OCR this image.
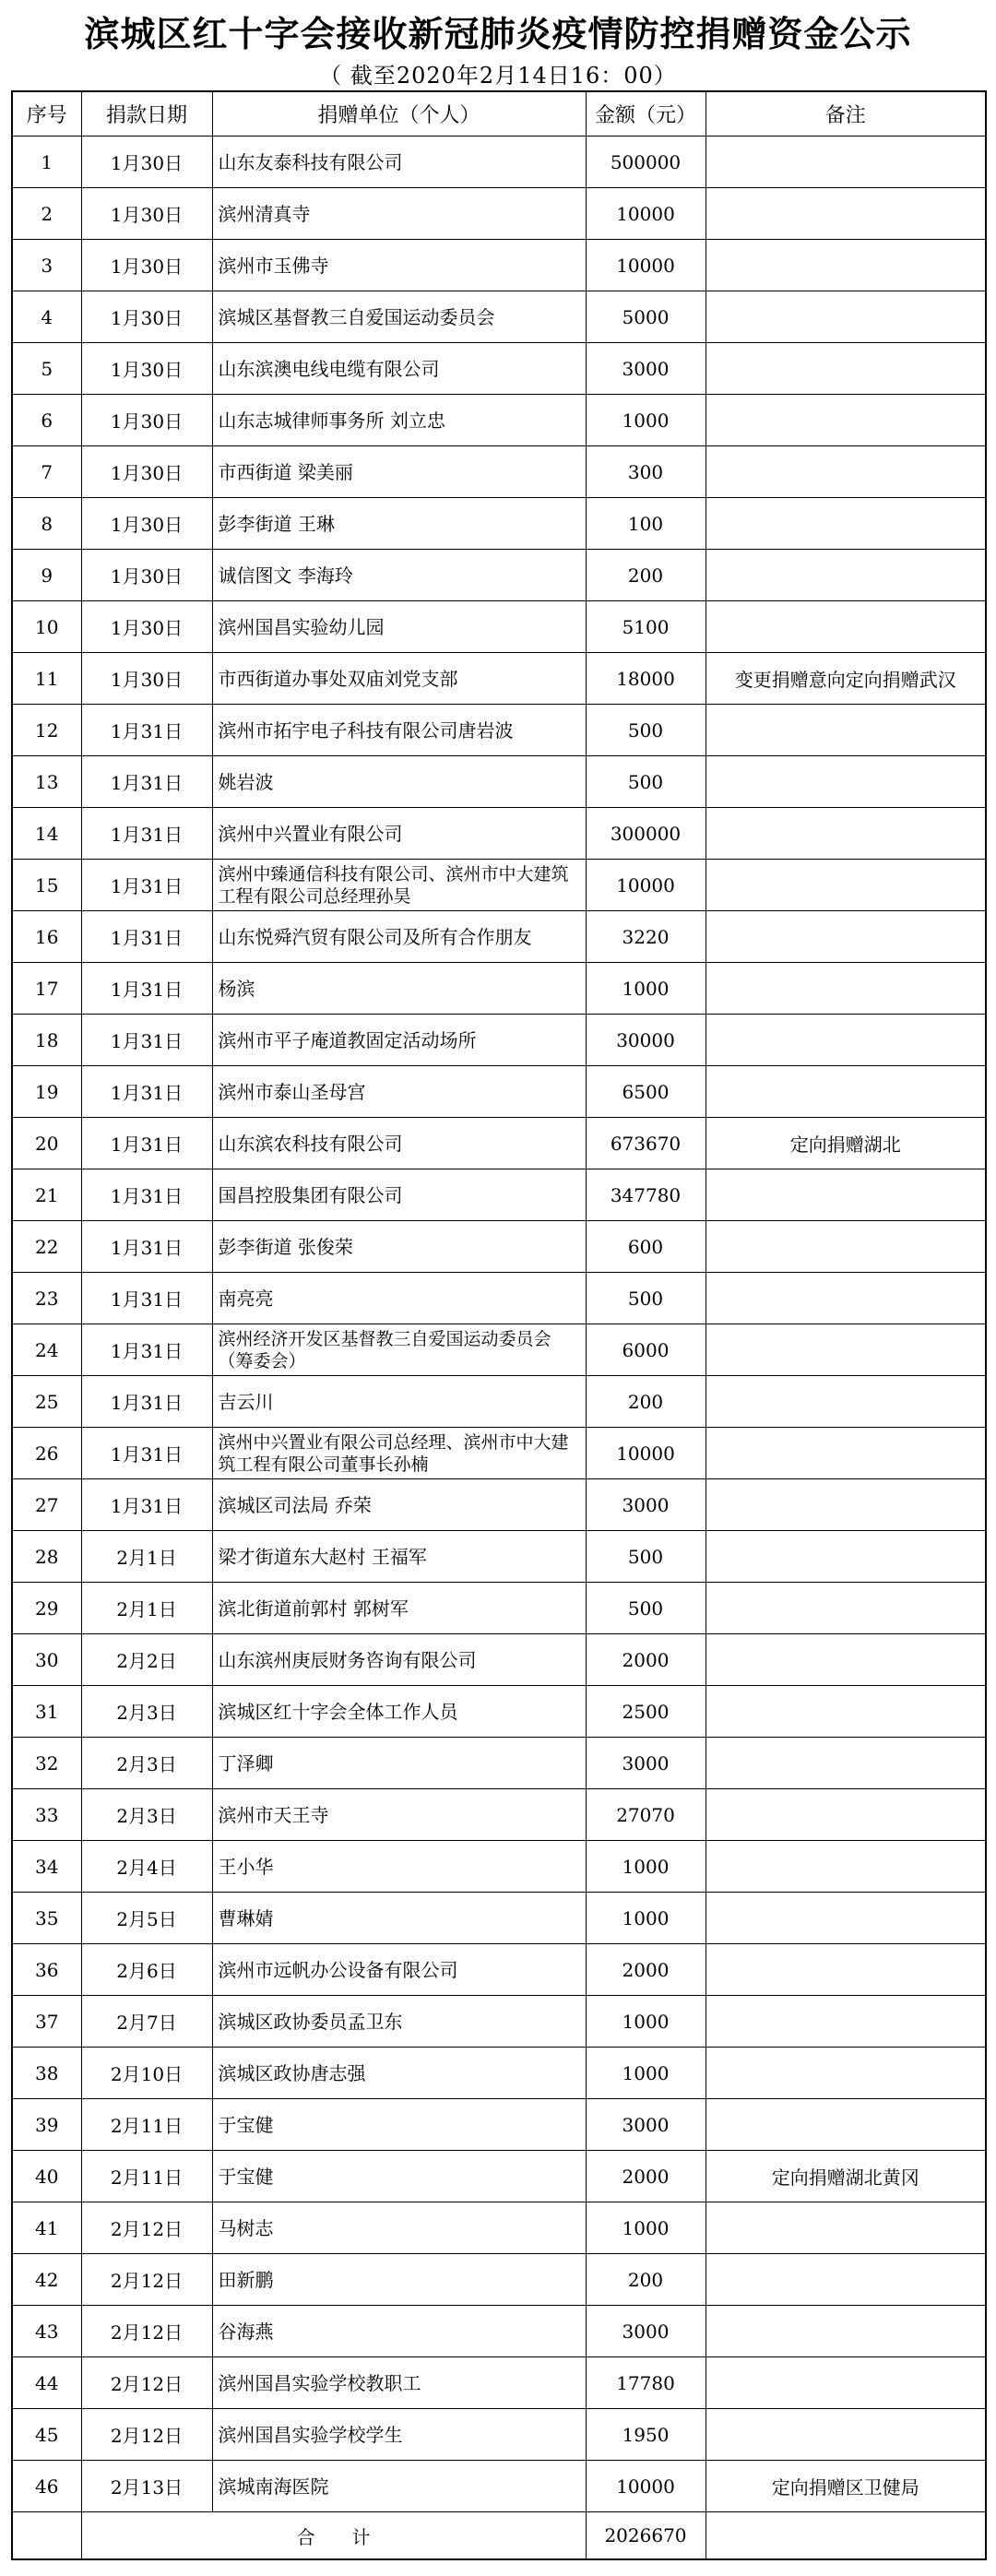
滨城区红十字会接收新冠肺炎疫情防控捐赠资金公示
（ 截至2020年2月14日16：00）
序号	捐款日期	捐赠单位（个人）	金额（元）	备注
1	1月30日	山东友泰科技有限公司	500000	
2	1月30日	滨州清真寺	10000	
3	1月30日	滨州市玉佛寺	10000	
4	1月30日	滨城区基督教三自爱国运动委员会	5000	
5	1月30日	山东滨澳电线电缆有限公司	3000	
6	1月30日	山东志城律师事务所 刘立忠	1000	
7	1月30日	市西街道 梁美丽	300	
8	1月30日	彭李街道 王琳	100	
9	1月30日	诚信图文 李海玲	200	
10	1月30日	滨州国昌实验幼儿园	5100	
11	1月30日	市西街道办事处双庙刘党支部	18000	变更捐赠意向定向捐赠武汉
12	1月31日	滨州市拓宇电子科技有限公司唐岩波	500	
13	1月31日	姚岩波	500	
14	1月31日	滨州中兴置业有限公司	300000	
15	1月31日	滨州中臻通信科技有限公司、滨州市中大建筑工程有限公司总经理孙昊	10000	
16	1月31日	山东悦舜汽贸有限公司及所有合作朋友	3220	
17	1月31日	杨滨	1000	
18	1月31日	滨州市平子庵道教固定活动场所	30000	
19	1月31日	滨州市泰山圣母宫	6500	
20	1月31日	山东滨农科技有限公司	673670	定向捐赠湖北
21	1月31日	国昌控股集团有限公司	347780	
22	1月31日	彭李街道 张俊荣	600	
23	1月31日	南亮亮	500	
24	1月31日	滨州经济开发区基督教三自爱国运动委员会（筹委会）	6000	
25	1月31日	吉云川	200	
26	1月31日	滨州中兴置业有限公司总经理、滨州市中大建筑工程有限公司董事长孙楠	10000	
27	1月31日	滨城区司法局 乔荣	3000	
28	2月1日	梁才街道东大赵村 王福军	500	
29	2月1日	滨北街道前郭村 郭树军	500	
30	2月2日	山东滨州庚辰财务咨询有限公司	2000	
31	2月3日	滨城区红十字会全体工作人员	2500	
32	2月3日	丁泽卿	3000	
33	2月3日	滨州市天王寺	27070	
34	2月4日	王小华	1000	
35	2月5日	曹琳婧	1000	
36	2月6日	滨州市远帆办公设备有限公司	2000	
37	2月7日	滨城区政协委员孟卫东	1000	
38	2月10日	滨城区政协唐志强	1000	
39	2月11日	于宝健	3000	
40	2月11日	于宝健	2000	定向捐赠湖北黄冈
41	2月12日	马树志	1000	
42	2月12日	田新鹏	200	
43	2月12日	谷海燕	3000	
44	2月12日	滨州国昌实验学校教职工	17780	
45	2月12日	滨州国昌实验学校学生	1950	
46	2月13日	滨城南海医院	10000	定向捐赠区卫健局
	合　　计		2026670	
